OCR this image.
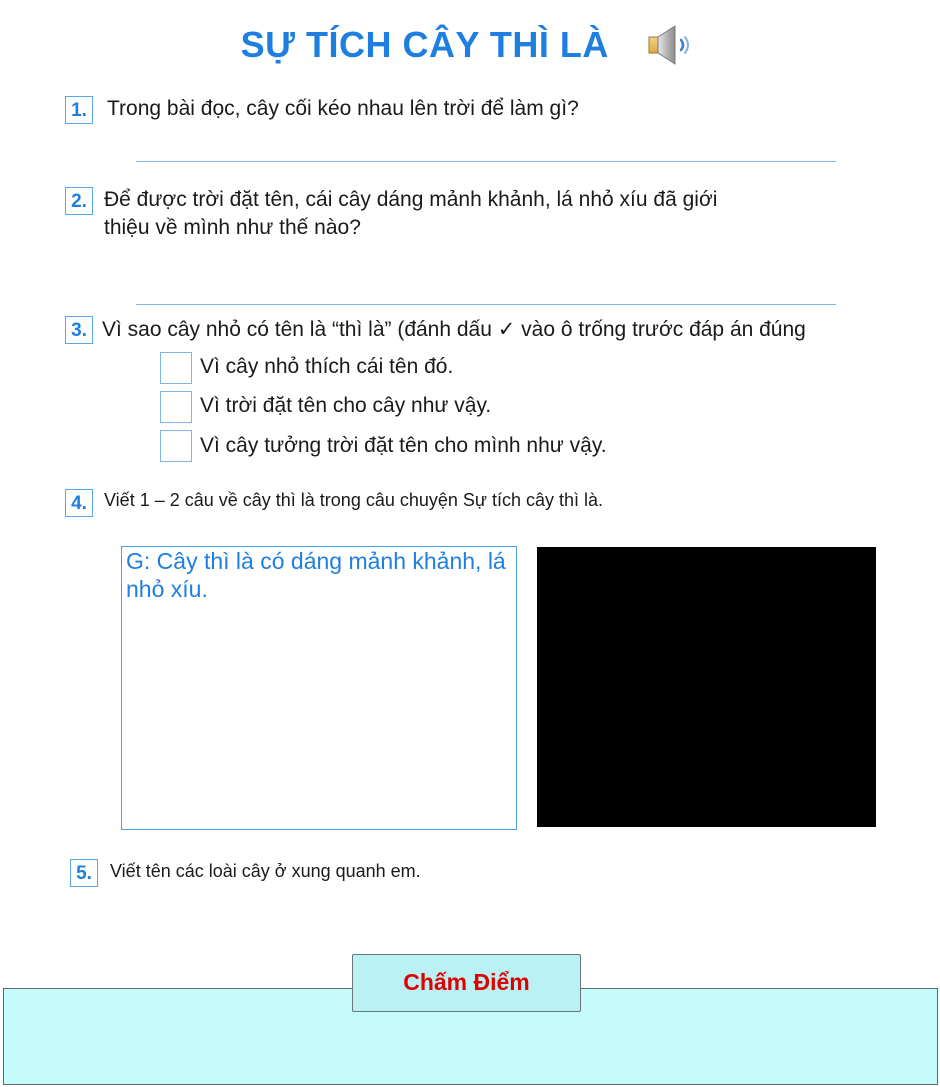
SỰ TÍCH CÂY THÌ LÀ
1. Trong bài đọc, cây cối kéo nhau lên trời để làm gì?
2. Để được trời đặt tên, cái cây dáng mảnh khảnh, lá nhỏ xíu đã giới
thiệu về mình như thế nào?
3. Vì sao cây nhỏ có tên là “thì là” (đánh dấu ✓ vào ô trống trước đáp án đúng
Vì cây nhỏ thích cái tên đó.
Vì trời đặt tên cho cây như vậy.
Vì cây tưởng trời đặt tên cho mình như vậy.
4. Viết 1 – 2 câu về cây thì là trong câu chuyện Sự tích cây thì là.
G: Cây thì là có dáng mảnh khảnh, lá nhỏ xíu.
5.	Viết tên các loài cây ở xung quanh em.
Chấm Điểm
